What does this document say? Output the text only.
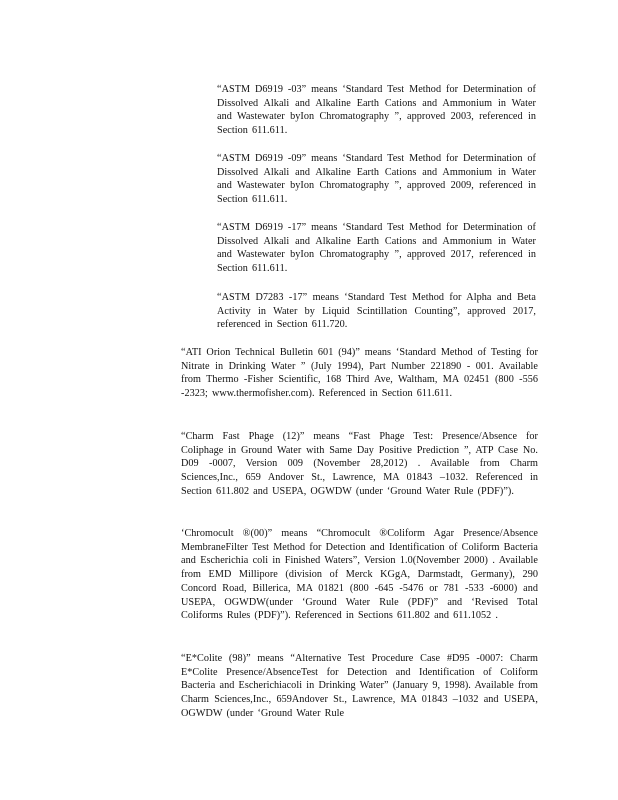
“ASTM D6919 -03” means ‘Standard Test Method for Determination of Dissolved Alkali and Alkaline Earth Cations and Ammonium in Water and Wastewater byIon Chromatography ”, approved 2003, referenced in Section 611.611.

“ASTM D6919 -09” means ‘Standard Test Method for Determination of Dissolved Alkali and Alkaline Earth Cations and Ammonium in Water and Wastewater byIon Chromatography ”, approved 2009, referenced in Section 611.611.

“ASTM D6919 -17” means ‘Standard Test Method for Determination of Dissolved Alkali and Alkaline Earth Cations and Ammonium in Water and Wastewater byIon Chromatography ”, approved 2017, referenced in Section 611.611.

“ASTM D7283 -17” means ‘Standard Test Method for Alpha and Beta Activity in Water by Liquid Scintillation Counting”, approved 2017, referenced in Section 611.720.

“ATI Orion Technical Bulletin 601 (94)” means ‘Standard Method of Testing for Nitrate in Drinking Water ” (July 1994), Part Number 221890 - 001. Available from Thermo -Fisher Scientific, 168 Third Ave, Waltham, MA 02451 (800 -556 -2323; www.thermofisher.com). Referenced in Section 611.611.

“Charm Fast Phage (12)” means “Fast Phage Test: Presence/Absence for Coliphage in Ground Water with Same Day Positive Prediction ”, ATP Case No. D09 -0007, Version 009 (November 28,2012) . Available from Charm Sciences,Inc., 659 Andover St., Lawrence, MA 01843 –1032. Referenced in Section 611.802 and USEPA, OGWDW (under ‘Ground Water Rule (PDF)”).

‘Chromocult ®(00)” means “Chromocult ®Coliform Agar Presence/Absence MembraneFilter Test Method for Detection and Identification of Coliform Bacteria and Escherichia coli in Finished Waters”, Version 1.0(November 2000) . Available from EMD Millipore (division of Merck KGgA, Darmstadt, Germany), 290 Concord Road, Billerica, MA 01821 (800 -645 -5476 or 781 -533 -6000) and USEPA, OGWDW(under ‘Ground Water Rule (PDF)” and ‘Revised Total Coliforms Rules (PDF)”). Referenced in Sections 611.802 and 611.1052 .

“E*Colite (98)” means “Alternative Test Procedure Case #D95 -0007: Charm E*Colite Presence/AbsenceTest for Detection and Identification of Coliform Bacteria and Escherichiacoli in Drinking Water” (January 9, 1998). Available from Charm Sciences,Inc., 659Andover St., Lawrence, MA 01843 –1032 and USEPA, OGWDW (under ‘Ground Water Rule
